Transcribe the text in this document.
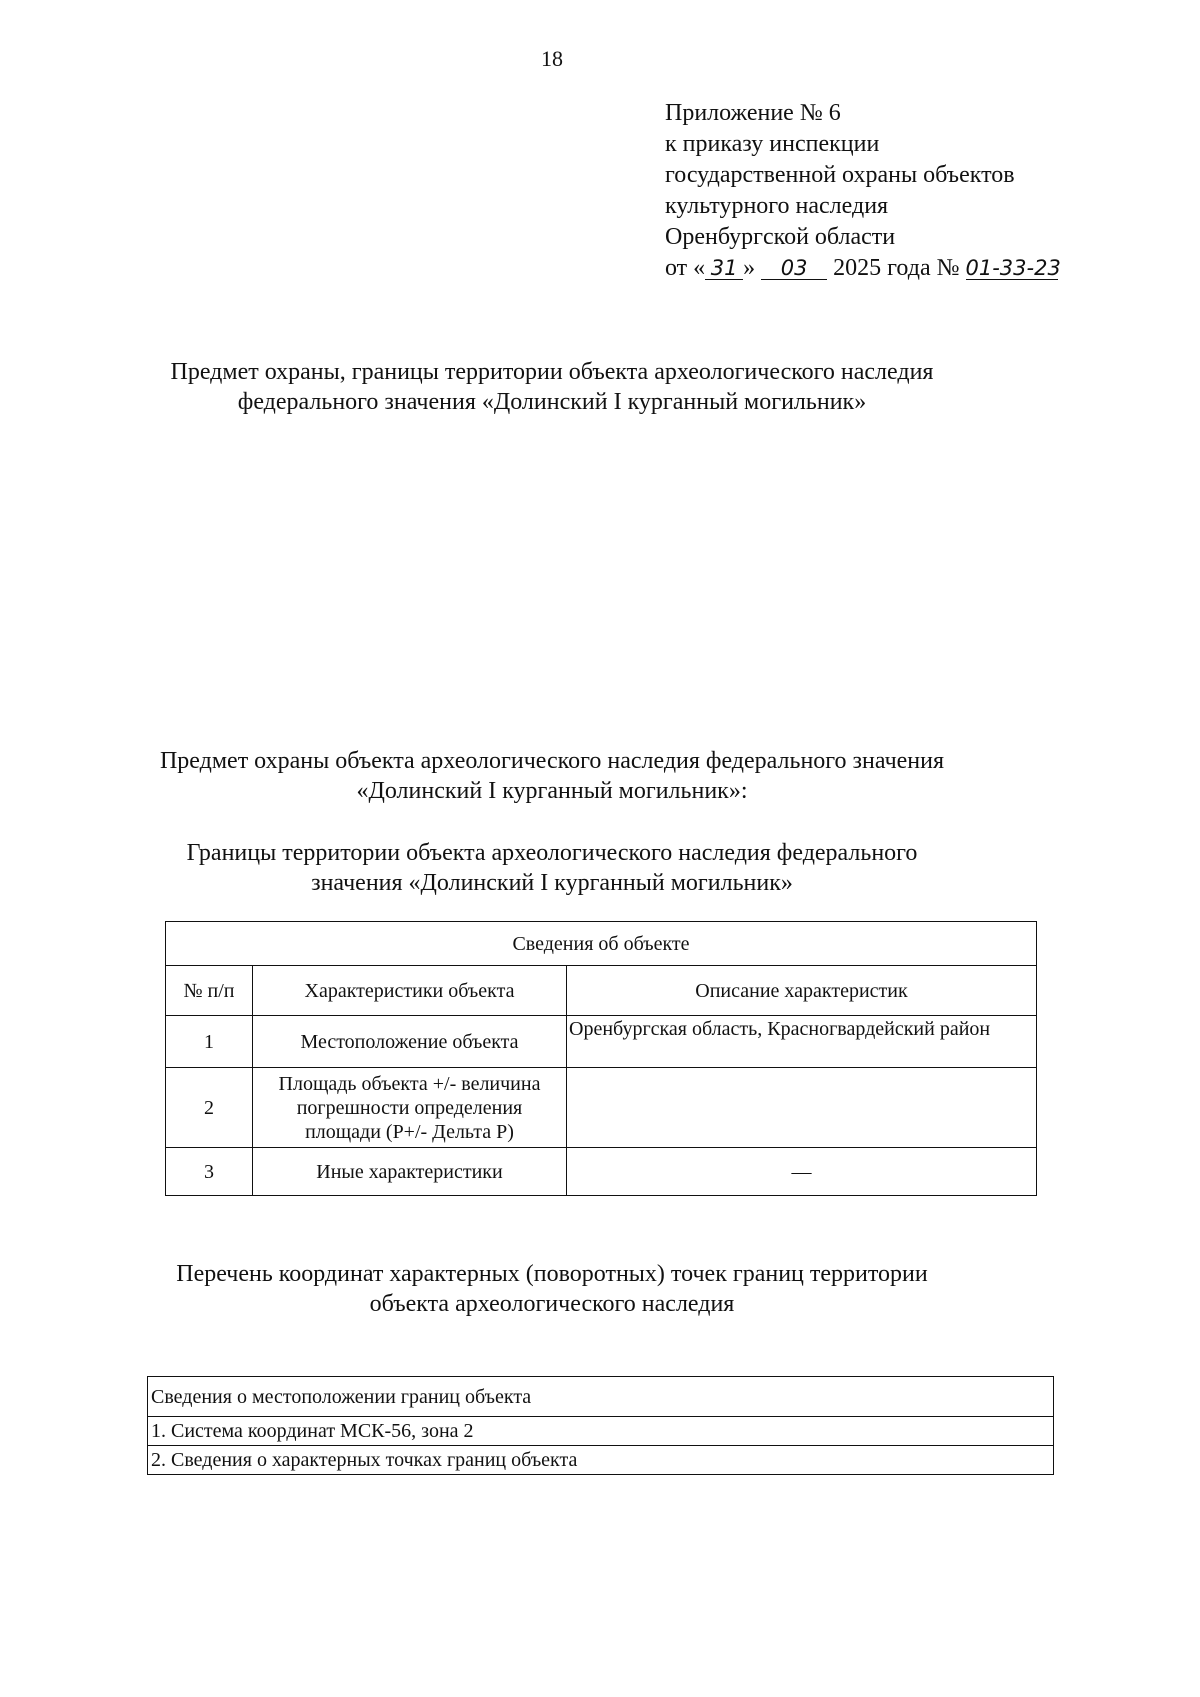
18
Приложение № 6
к приказу инспекции
государственной охраны объектов
культурного наследия
Оренбургской области
от « 31 » 03 2025 года № 01-33-23
Предмет охраны, границы территории объекта археологического наследия
федерального значения «Долинский I курганный могильник»
Предмет охраны объекта археологического наследия федерального значения
«Долинский I курганный могильник»:
Границы территории объекта археологического наследия федерального
значения «Долинский I курганный могильник»
Сведения об объекте		
№ п/п	Характеристики объекта	Описание характеристик
1	Местоположение объекта	Оренбургская область, Красногвардейский район
2	Площадь объекта +/- величина погрешности определения площади (Р+/- Дельта Р)	
3	Иные характеристики	—
Перечень координат характерных (поворотных) точек границ территории
объекта археологического наследия
Сведения о местоположении границ объекта
1. Система координат МСК-56, зона 2
2. Сведения о характерных точках границ объекта
